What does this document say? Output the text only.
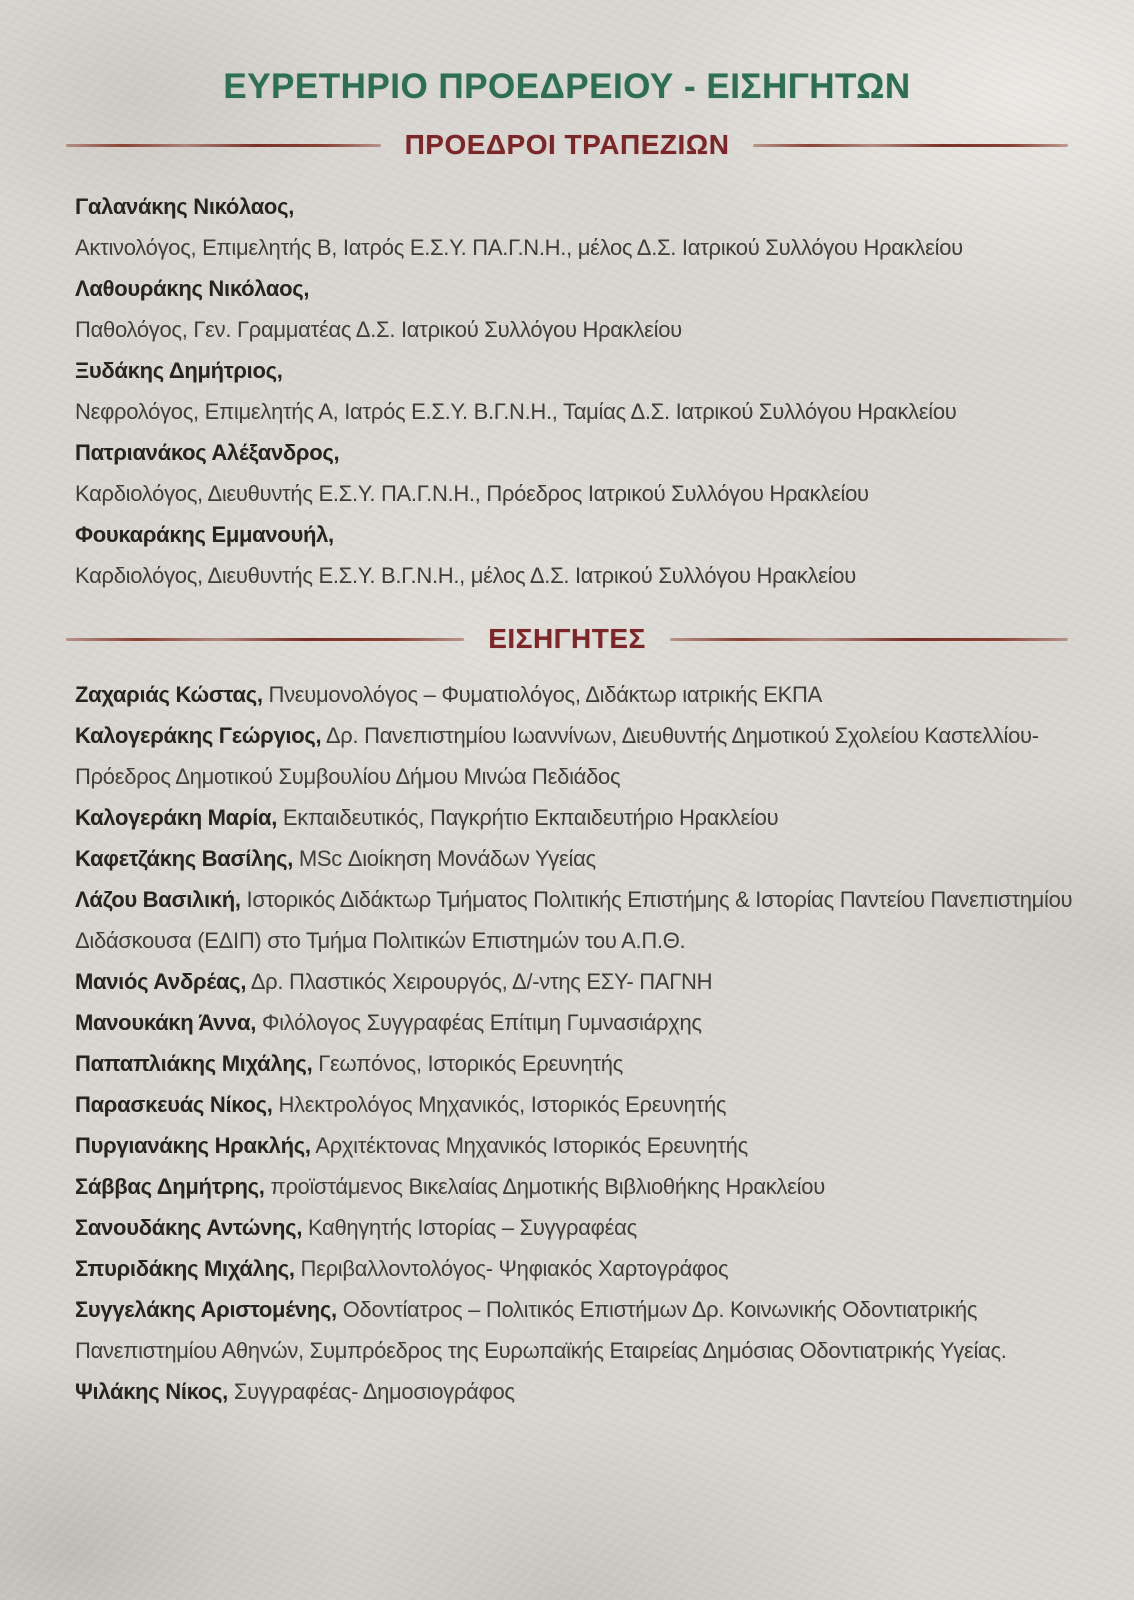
ΕΥΡΕΤΗΡΙΟ ΠΡΟΕΔΡΕΙΟΥ - ΕΙΣΗΓΗΤΩΝ
ΠΡΟΕΔΡΟΙ ΤΡΑΠΕΖΙΩΝ
Γαλανάκης Νικόλαος,
Ακτινολόγος, Επιμελητής Β, Ιατρός Ε.Σ.Υ. ΠΑ.Γ.Ν.Η., μέλος Δ.Σ. Ιατρικού Συλλόγου Ηρακλείου
Λαθουράκης Νικόλαος,
Παθολόγος, Γεν. Γραμματέας Δ.Σ. Ιατρικού Συλλόγου Ηρακλείου
Ξυδάκης Δημήτριος,
Νεφρολόγος, Επιμελητής Α, Ιατρός Ε.Σ.Υ. Β.Γ.Ν.Η., Ταμίας Δ.Σ. Ιατρικού Συλλόγου Ηρακλείου
Πατριανάκος Αλέξανδρος,
Καρδιολόγος, Διευθυντής Ε.Σ.Υ. ΠΑ.Γ.Ν.Η., Πρόεδρος Ιατρικού Συλλόγου Ηρακλείου
Φουκαράκης Εμμανουήλ,
Καρδιολόγος, Διευθυντής Ε.Σ.Υ. Β.Γ.Ν.Η., μέλος Δ.Σ. Ιατρικού Συλλόγου Ηρακλείου
ΕΙΣΗΓΗΤΕΣ
Ζαχαριάς Κώστας, Πνευμονολόγος – Φυματιολόγος, Διδάκτωρ ιατρικής ΕΚΠΑ
Καλογεράκης Γεώργιος, Δρ. Πανεπιστημίου Ιωαννίνων, Διευθυντής Δημοτικού Σχολείου Καστελλίου- Πρόεδρος Δημοτικού Συμβουλίου Δήμου Μινώα Πεδιάδος
Καλογεράκη Μαρία, Εκπαιδευτικός, Παγκρήτιο Εκπαιδευτήριο Ηρακλείου
Καφετζάκης Βασίλης, MSc Διοίκηση Μονάδων Υγείας
Λάζου Βασιλική, Ιστορικός Διδάκτωρ Τμήματος Πολιτικής Επιστήμης & Ιστορίας Παντείου Πανεπιστημίου Διδάσκουσα (ΕΔΙΠ) στο Τμήμα Πολιτικών Επιστημών του Α.Π.Θ.
Μανιός Ανδρέας, Δρ. Πλαστικός Χειρουργός, Δ/-ντης ΕΣΥ- ΠΑΓΝΗ
Μανουκάκη Άννα, Φιλόλογος Συγγραφέας Επίτιμη Γυμνασιάρχης
Παπαπλιάκης Μιχάλης, Γεωπόνος, Ιστορικός Ερευνητής
Παρασκευάς Νίκος, Ηλεκτρολόγος Μηχανικός, Ιστορικός Ερευνητής
Πυργιανάκης Ηρακλής, Αρχιτέκτονας Μηχανικός Ιστορικός Ερευνητής
Σάββας Δημήτρης, προϊστάμενος Βικελαίας Δημοτικής Βιβλιοθήκης Ηρακλείου
Σανουδάκης Αντώνης, Καθηγητής Ιστορίας – Συγγραφέας
Σπυριδάκης Μιχάλης, Περιβαλλοντολόγος- Ψηφιακός Χαρτογράφος
Συγγελάκης Αριστομένης, Οδοντίατρος – Πολιτικός Επιστήμων Δρ. Κοινωνικής Οδοντιατρικής Πανεπιστημίου Αθηνών, Συμπρόεδρος της Ευρωπαϊκής Εταιρείας Δημόσιας Οδοντιατρικής Υγείας.
Ψιλάκης Νίκος, Συγγραφέας- Δημοσιογράφος
